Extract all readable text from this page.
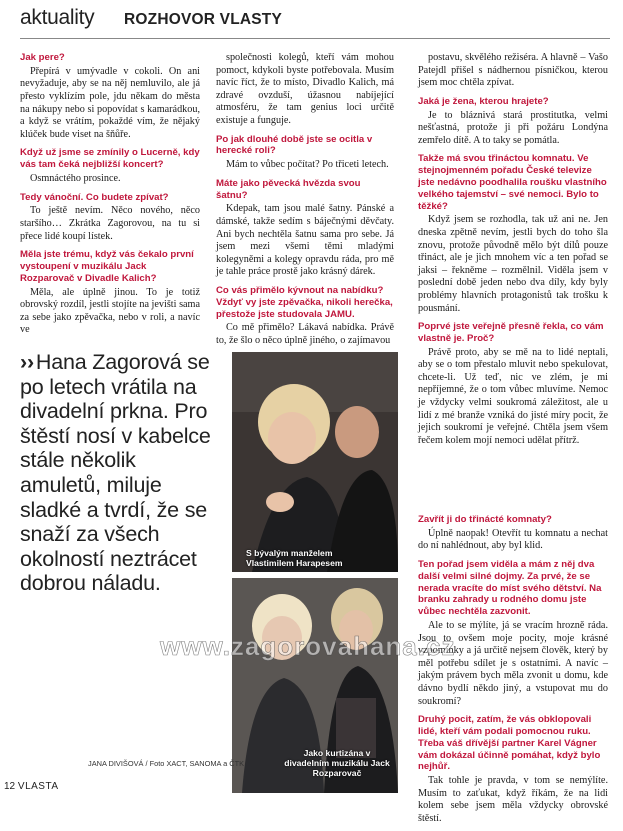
aktuality ROZHOVOR VLASTY
Jak pere?

Přepírá v umývadle v cokoli. On ani nevyžaduje, aby se na něj nemluvilo, ale já přesto vyklízím pole, jdu někam do města na nákupy nebo si popovídat s kamarádkou, a když se vrátím, pokaždé vím, že nějaký klúček bude viset na šňůře.

Když už jsme se zmínily o Lucerně, kdy vás tam čeká nejbližší koncert?

Osmnáctého prosince.

Tedy vánoční. Co budete zpívat?

To ještě nevím. Něco nového, něco staršího… Zkrátka Zagorovou, na tu si přece lidé koupí lístek.

Měla jste trému, když vás čekalo první vystoupení v muzikálu Jack Rozparovač v Divadle Kalich?

Měla, ale úplně jinou. To je totiž obrovský rozdíl, jestli stojíte na jevišti sama za sebe jako zpěvačka, nebo v roli, a navíc ve

společnosti kolegů, kteří vám mohou pomoct, kdykoli byste potřebovala. Musím navíc říct, že to místo, Divadlo Kalich, má zdravé ovzduší, úžasnou nabíjející atmosféru, že tam genius loci určitě existuje a funguje.

Po jak dlouhé době jste se ocitla v herecké roli?

Mám to vůbec počítat? Po třiceti letech.

Máte jako pěvecká hvězda svou šatnu?

Kdepak, tam jsou malé šatny. Pánské a dámské, takže sedím s báječnými děvčaty. Ani bych nechtěla šatnu sama pro sebe. Já jsem mezi všemi těmi mladými kolegyněmi a kolegy opravdu ráda, pro mě je tahle práce prostě jako krásný dárek.

Co vás přimělo kývnout na nabídku? Vždyť vy jste zpěvačka, nikoli herečka, přestože jste studovala JAMU.

Co mě přimělo? Lákavá nabídka. Právě to, že šlo o něco úplně jiného, o zajímavou

postavu, skvělého režiséra. A hlavně – Vašo Patejdl přišel s nádhernou písničkou, kterou jsem moc chtěla zpívat.

Jaká je žena, kterou hrajete?

Je to bláznivá stará prostitutka, velmi nešťastná, protože ji při požáru Londýna zemřelo dítě. A to taky se pomátla.

Takže má svou třináctou komnatu. Ve stejnojmenném pořadu České televize jste nedávno poodhalila roušku vlastního velkého tajemství – své nemoci. Bylo to těžké?

Když jsem se rozhodla, tak už ani ne. Jen dneska zpětně nevím, jestli bych do toho šla znovu, protože původně mělo být dílů pouze třináct, ale je jich mnohem víc a ten pořad se jaksi – řekněme – rozmělnil. Viděla jsem v poslední době jeden nebo dva díly, kdy byly problémy hlavních protagonistů tak trošku k pousmání.

Poprvé jste veřejně přesně řekla, co vám vlastně je. Proč?

Právě proto, aby se mě na to lidé neptali, aby se o tom přestalo mluvit nebo spekulovat, chcete-li. Už teď, nic ve zlém, je mi nepříjemné, že o tom vůbec mluvíme. Nemoc je vždycky velmi soukromá záležitost, ale u lidí z mé branže vzniká do jisté míry pocit, že jejich soukromí je veřejné. Chtěla jsem všem řečem kolem mojí nemoci udělat přítrž.

Zavřít ji do třinácté komnaty?

Úplně naopak! Otevřít tu komnatu a nechat do ní nahlédnout, aby byl klid.

Ten pořad jsem viděla a mám z něj dva další velmi silné dojmy. Za prvé, že se nerada vracíte do míst svého dětství. Na branku zahrady u rodného domu jste vůbec nechtěla zazvonit.

Ale to se mýlíte, já se vracím hrozně ráda. Jsou to ovšem moje pocity, moje krásné vzpomínky a já určitě nejsem člověk, který by měl potřebu sdílet je s ostatními. A navíc – jakým právem bych měla zvonit u domu, kde dávno bydlí někdo jiný, a vstupovat mu do soukromí?

Druhý pocit, zatím, že vás obklopovali lidé, kteří vám podali pomocnou ruku. Třeba váš dřívější partner Karel Vágner vám dokázal účinně pomáhat, když bylo nejhůř.

Tak tohle je pravda, v tom se nemýlíte. Musím to zaťukat, když říkám, že na lidi kolem sebe jsem měla vždycky obrovské štěstí.

››Hana Zagorová se po letech vrátila na divadelní prkna. Pro štěstí nosí v kabelce stále několik amuletů, miluje sladké a tvrdí, že se snaží za všech okolností neztrácet dobrou náladu.
S bývalým manželem Vlastimilem Harapesem
Jako kurtizána v divadelním muzikálu Jack Rozparovač
www.zagorovahana.cz
JANA DIVIŠOVÁ / Foto XACT, SANOMA a ČTK
12 VLASTA
